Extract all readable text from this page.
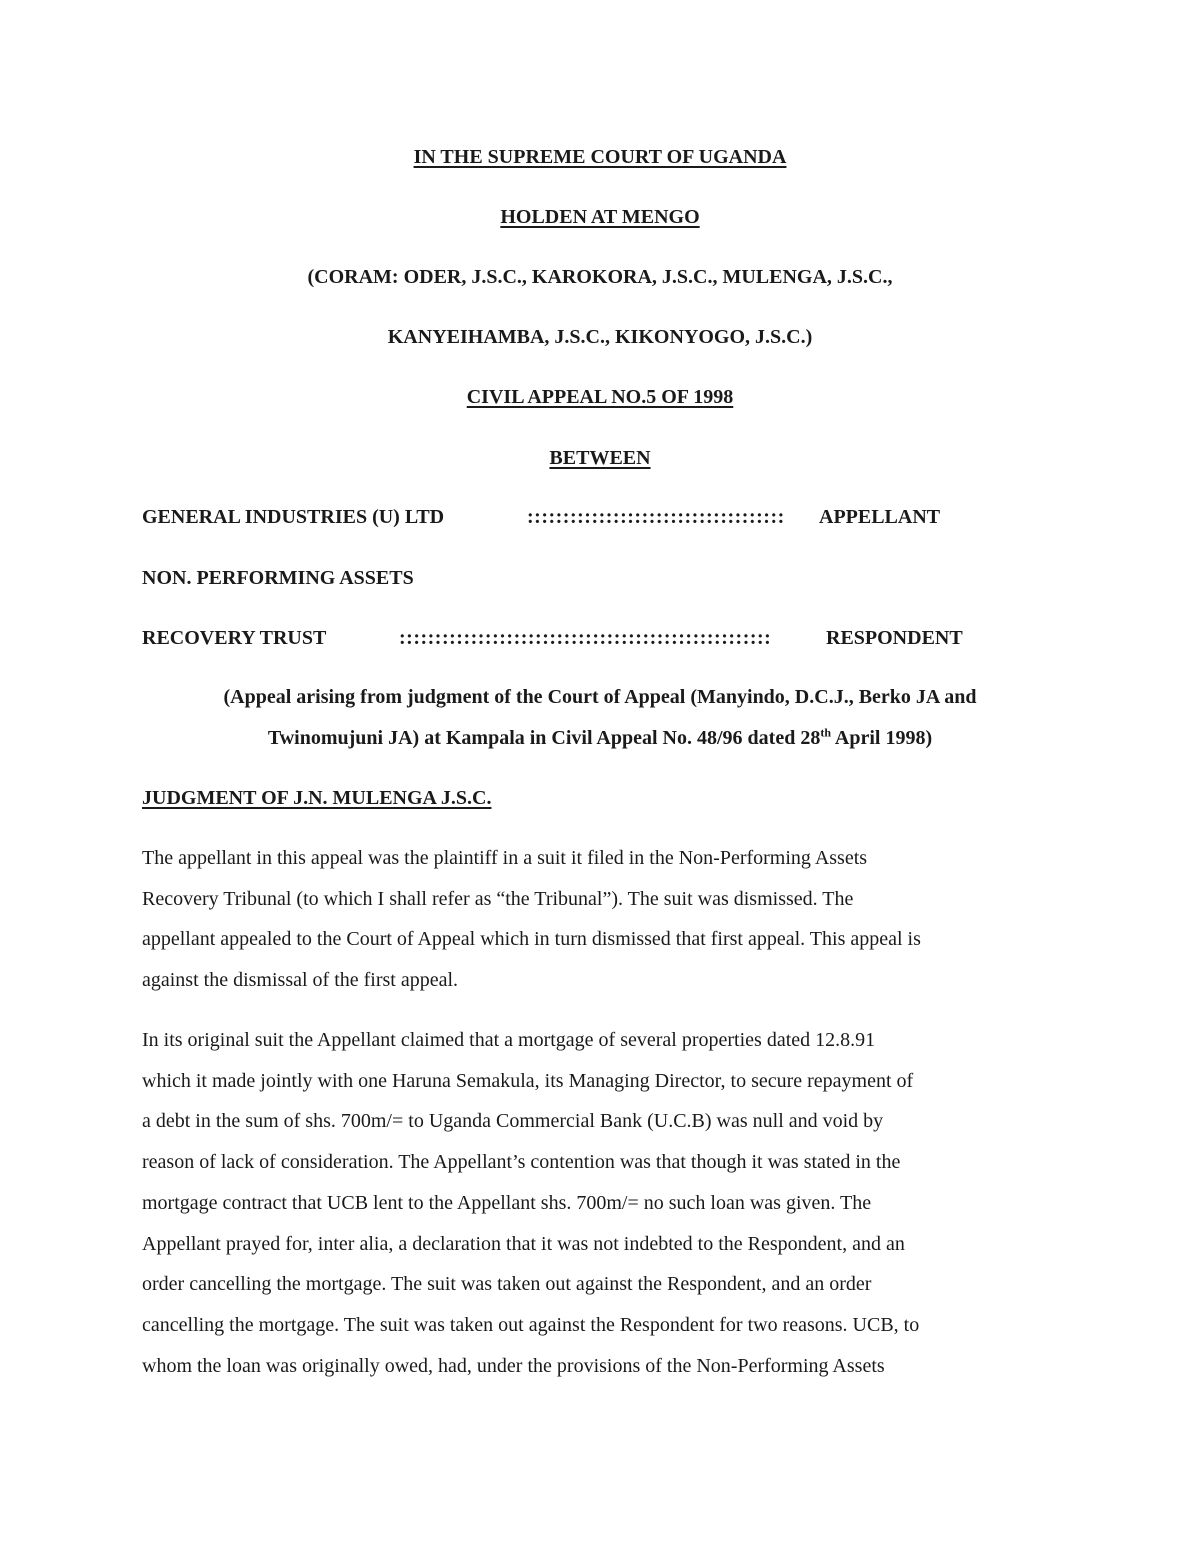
IN THE SUPREME COURT OF UGANDA
HOLDEN AT MENGO
(CORAM: ODER, J.S.C., KAROKORA, J.S.C., MULENGA, J.S.C.,
KANYEIHAMBA, J.S.C., KIKONYOGO, J.S.C.)
CIVIL APPEAL NO.5 OF 1998
BETWEEN
GENERAL INDUSTRIES (U) LTD	:::::::::::::::::::::::::::::::::::: APPELLANT
NON. PERFORMING ASSETS
RECOVERY TRUST	::::::::::::::::::::::::::::::::::::::::::::::::::::	RESPONDENT
(Appeal arising from judgment of the Court of Appeal (Manyindo, D.C.J., Berko JA and
Twinomujuni JA) at Kampala in Civil Appeal No. 48/96 dated 28th April 1998)
JUDGMENT OF J.N. MULENGA J.S.C.

The appellant in this appeal was the plaintiff in a suit it filed in the Non-Performing Assets
Recovery Tribunal (to which I shall refer as “the Tribunal”). The suit was dismissed. The
appellant appealed to the Court of Appeal which in turn dismissed that first appeal. This appeal is
against the dismissal of the first appeal.

In its original suit the Appellant claimed that a mortgage of several properties dated 12.8.91
which it made jointly with one Haruna Semakula, its Managing Director, to secure repayment of
a debt in the sum of shs. 700m/= to Uganda Commercial Bank (U.C.B) was null and void by
reason of lack of consideration. The Appellant’s contention was that though it was stated in the
mortgage contract that UCB lent to the Appellant shs. 700m/= no such loan was given. The
Appellant prayed for, inter alia, a declaration that it was not indebted to the Respondent, and an
order cancelling the mortgage. The suit was taken out against the Respondent, and an order
cancelling the mortgage. The suit was taken out against the Respondent for two reasons. UCB, to
whom the loan was originally owed, had, under the provisions of the Non-Performing Assets
